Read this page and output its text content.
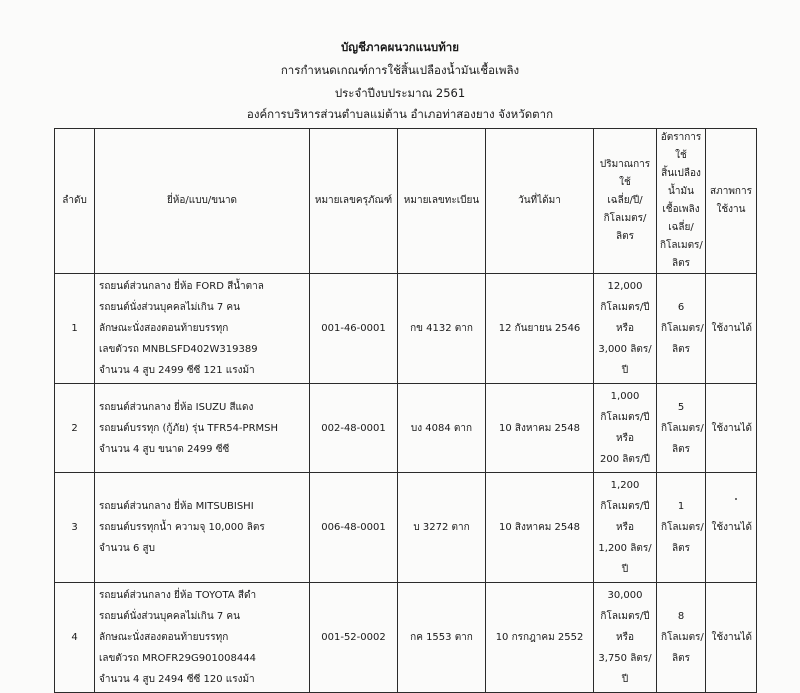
บัญชีภาคผนวกแนบท้าย
การกำหนดเกณฑ์การใช้สิ้นเปลืองน้ำมันเชื้อเพลิง
ประจำปีงบประมาณ 2561
องค์การบริหารส่วนตำบลแม่ต้าน อำเภอท่าสองยาง จังหวัดตาก
ลำดับ	ยี่ห้อ/แบบ/ขนาด	หมายเลขครุภัณฑ์	หมายเลขทะเบียน	วันที่ได้มา	ปริมาณการใช้
เฉลี่ย/ปี/
กิโลเมตร/ลิตร	อัตราการใช้
สิ้นเปลืองน้ำมัน
เชื้อเพลิงเฉลี่ย/
กิโลเมตร/ลิตร	สภาพการ
ใช้งาน

1	รถยนต์ส่วนกลาง ยี่ห้อ FORD สีน้ำตาล
รถยนต์นั่งส่วนบุคคลไม่เกิน 7 คน
ลักษณะนั่งสองตอนท้ายบรรทุก
เลขตัวรถ MNBLSFD402W319389
จำนวน 4 สูบ 2499 ซีซี 121 แรงม้า	001-46-0001	กข 4132 ตาก	12 กันยายน 2546	12,000
กิโลเมตร/ปี หรือ
3,000 ลิตร/ปี	6 กิโลเมตร/ลิตร	ใช้งานได้
2	รถยนต์ส่วนกลาง ยี่ห้อ ISUZU สีแดง
รถยนต์บรรทุก (กู้ภัย) รุ่น TFR54-PRMSH
จำนวน 4 สูบ ขนาด 2499 ซีซี	002-48-0001	บง 4084 ตาก	10 สิงหาคม 2548	1,000
กิโลเมตร/ปี หรือ
200 ลิตร/ปี	5 กิโลเมตร/ลิตร	ใช้งานได้
3	รถยนต์ส่วนกลาง ยี่ห้อ MITSUBISHI
รถยนต์บรรทุกน้ำ ความจุ 10,000 ลิตร
จำนวน 6 สูบ	006-48-0001	บ 3272 ตาก	10 สิงหาคม 2548	1,200
กิโลเมตร/ปี หรือ
1,200 ลิตร/ปี	1 กิโลเมตร/ลิตร	ใช้งานได้
4	รถยนต์ส่วนกลาง ยี่ห้อ TOYOTA สีดำ
รถยนต์นั่งส่วนบุคคลไม่เกิน 7 คน
ลักษณะนั่งสองตอนท้ายบรรทุก
เลขตัวรถ MROFR29G901008444
จำนวน 4 สูบ 2494 ซีซี 120 แรงม้า	001-52-0002	กค 1553 ตาก	10 กรกฎาคม 2552	30,000
กิโลเมตร/ปี หรือ
3,750 ลิตร/ปี	8 กิโลเมตร/ลิตร	ใช้งานได้
